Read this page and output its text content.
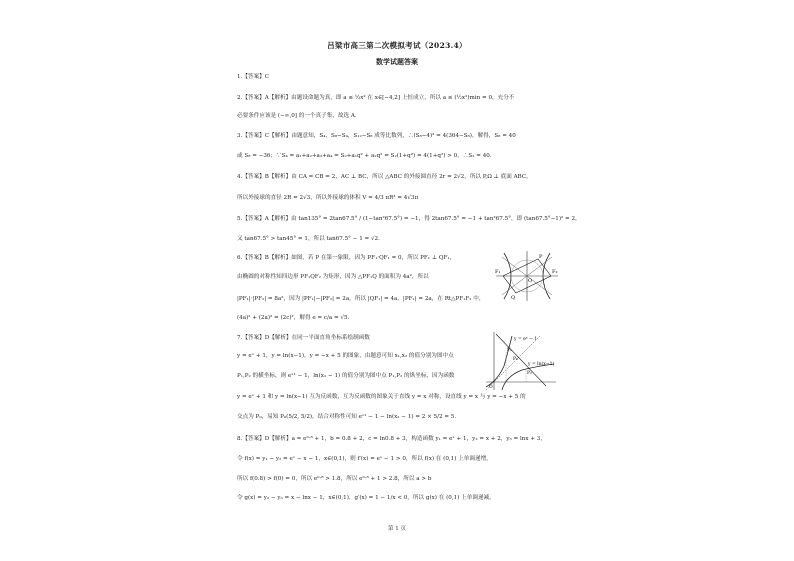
吕梁市高三第二次模拟考试（2023.4）
数学试题答案
1.【答案】C
2.【答案】A【解析】由题设命题为真，即 a ≤ ½x² 在 x∈[−4,2] 上恒成立，所以 a ≤ (½x²)min = 0，充分不
必要条件应该是 (−∞,0] 的一个真子集，故选 A.
3.【答案】C【解析】由题意知，S₄，S₈−S₄，S₁₂−S₈ 成等比数列，∴(S₈−4)² = 4(364−S₈)，解得，S₈ = 40
或 S₈ = −36；∵S₄ = a₁+a₂+a₃+a₄ = S₂+a₁q² + a₂q² = S₂(1+q²) = 4(1+q²) > 0，∴S₂ = 40.
4.【答案】B【解析】由 CA = CB = 2，AC ⊥ BC，所以 △ABC 的外接圆直径 2r = 2√2，所以 P,Ω ⊥ 底面 ABC，
所以外接球的直径 2R = 2√3，所以外接球的体积 V = 4/3 πR³ = 4√3π
5.【答案】A【解析】由 tan135° = 2tan67.5° / (1−tan²67.5°) = −1，得 2tan67.5° = −1 + tan²67.5°，即 (tan67.5°−1)² = 2，
又 tan67.5° > tan45° = 1，所以 tan67.5° − 1 = √2.
6.【答案】B【解析】如图，若 P 在第一象限，因为 PF₁·QF₁ = 0，所以 PF₁ ⊥ QF₁，
由椭圆的对称性知四边形 PF₁QF₂ 为矩形，因为 △PF₁Q 的面积为 4a²，所以
|PF₁|·|PF₂| = 8a²，因为 |PF₁|−|PF₂| = 2a，所以 |QF₁| = 4a，|PF₁| = 2a，在 Rt△PF₁F₂ 中，
(4a)² + (2a)² = (2c)²，解得 e = c/a = √5.
7.【答案】D【解析】在同一平面直角坐标系绘制函数
y = eˣ + 1，y = ln(x−1)，y = −x + 5 的图象，由题意可知 x₁,x₂ 的值分别为图中点
P₁,P₂ 的横坐标，则 eˣ¹ − 1，ln(x₂ − 1) 的值分别为图中点 P₁,P₂ 的纵坐标，因为函数
y = eˣ + 1 和 y = ln(x−1) 互为反函数，互为反函数的图象关于直线 y = x 对称，设直线 y = x 与 y = −x + 5 的
交点为 P₀，易知 P₀(5/2, 5/2)，结合对称性可知 eˣ¹ − 1 − ln(x₂ − 1) = 2 × 5/2 = 5.
8.【答案】D【解析】a = e⁰·⁸ + 1，b = 0.8 + 2，c = ln0.8 + 3，构造函数 y₁ = eˣ + 1，y₂ = x + 2，y₃ = lnx + 3，
令 f(x) = y₁ − y₂ = eˣ − x − 1，x∈(0,1)，则 f′(x) = eˣ − 1 > 0，所以 f(x) 在 (0,1) 上单调递增，
所以 f(0.8) > f(0) = 0，所以 e⁰·⁸ > 1.8，所以 e⁰·⁸ + 1 > 2.8，所以 a > b
令 g(x) = y₂ − y₃ = x − lnx − 1，x∈(0,1)，g′(x) = 1 − 1/x < 0，所以 g(x) 在 (0,1) 上单调递减，
F₁	F₂
P
Q
O
y = eˣ − 1
y = ln(x−1)
P₁
P₂
P₀
O
第 1 页
